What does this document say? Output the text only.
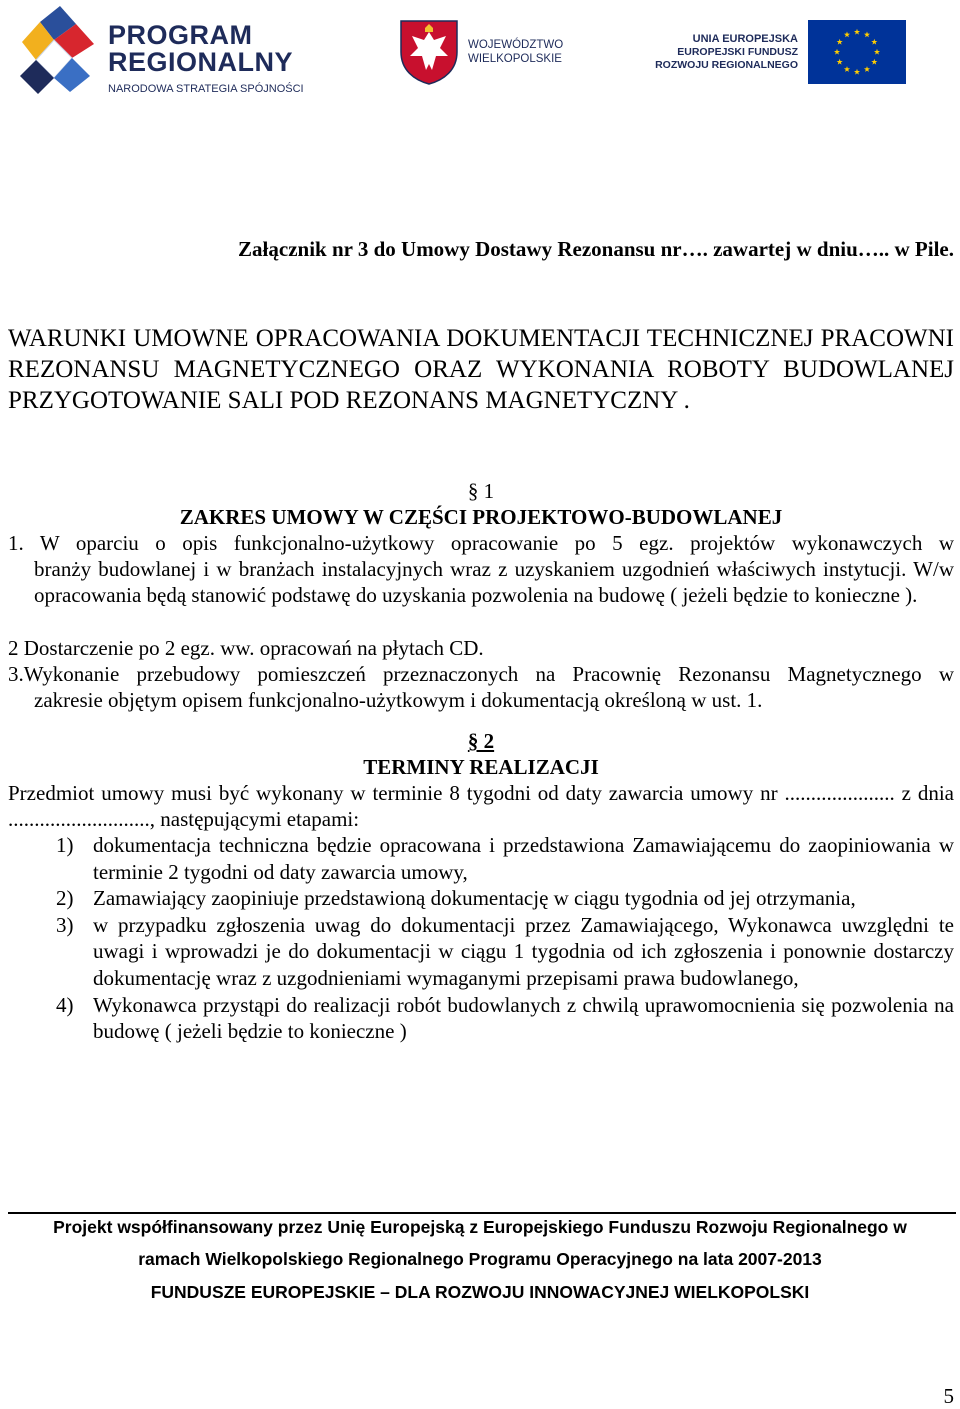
PROGRAM
REGIONALNY
NARODOWA STRATEGIA SPÓJNOŚCI
WOJEWÓDZTWO
WIELKOPOLSKIE
UNIA EUROPEJSKA
EUROPEJSKI FUNDUSZ
ROZWOJU REGIONALNEGO
Załącznik nr 3 do Umowy Dostawy Rezonansu nr…. zawartej w dniu….. w Pile.
WARUNKI UMOWNE OPRACOWANIA DOKUMENTACJI TECHNICZNEJ PRACOWNI REZONANSU MAGNETYCZNEGO ORAZ WYKONANIA ROBOTY BUDOWLANEJ PRZYGOTOWANIE SALI POD REZONANS MAGNETYCZNY .
§ 1
ZAKRES UMOWY W CZĘŚCI PROJEKTOWO-BUDOWLANEJ
1. W oparciu o opis funkcjonalno-użytkowy opracowanie po 5 egz. projektów wykonawczych w
branży budowlanej i w branżach instalacyjnych wraz z uzyskaniem uzgodnień właściwych instytucji. W/w opracowania będą stanowić podstawę do uzyskania pozwolenia na budowę ( jeżeli będzie to konieczne ).
2 Dostarczenie po 2 egz. ww. opracowań na płytach CD.
3.Wykonanie przebudowy pomieszczeń przeznaczonych na Pracownię Rezonansu Magnetycznego w
zakresie objętym opisem funkcjonalno-użytkowym i dokumentacją określoną w ust. 1.
§ 2
TERMINY REALIZACJI
Przedmiot umowy musi być wykonany w terminie 8 tygodni od daty zawarcia umowy nr ..................... z dnia ..........................., następującymi etapami:
1) dokumentacja techniczna będzie opracowana i przedstawiona Zamawiającemu do zaopiniowania w terminie 2 tygodni od daty zawarcia umowy,
2) Zamawiający zaopiniuje przedstawioną dokumentację w ciągu tygodnia od jej otrzymania,
3) w przypadku zgłoszenia uwag do dokumentacji przez Zamawiającego, Wykonawca uwzględni te uwagi i wprowadzi je do dokumentacji w ciągu 1 tygodnia od ich zgłoszenia i ponownie dostarczy dokumentację wraz z uzgodnieniami wymaganymi przepisami prawa budowlanego,
4) Wykonawca przystąpi do realizacji robót budowlanych z chwilą uprawomocnienia się pozwolenia na budowę ( jeżeli będzie to konieczne )
Projekt współfinansowany przez Unię Europejską z Europejskiego Funduszu Rozwoju Regionalnego w
ramach Wielkopolskiego Regionalnego Programu Operacyjnego na lata 2007-2013
FUNDUSZE EUROPEJSKIE – DLA ROZWOJU INNOWACYJNEJ WIELKOPOLSKI
5
